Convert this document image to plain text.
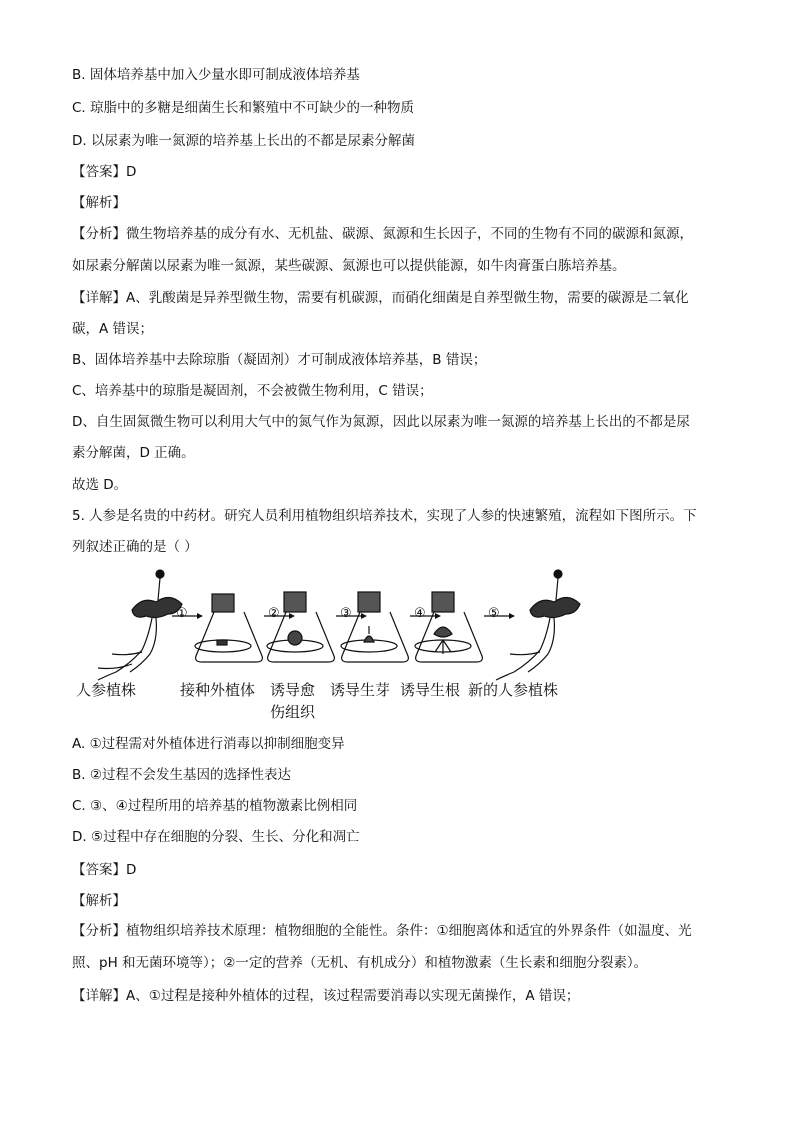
B. 固体培养基中加入少量水即可制成液体培养基
C. 琼脂中的多糖是细菌生长和繁殖中不可缺少的一种物质
D. 以尿素为唯一氮源的培养基上长出的不都是尿素分解菌
【答案】D
【解析】
【分析】微生物培养基的成分有水、无机盐、碳源、氮源和生长因子，不同的生物有不同的碳源和氮源，
如尿素分解菌以尿素为唯一氮源，某些碳源、氮源也可以提供能源，如牛肉膏蛋白胨培养基。
【详解】A、乳酸菌是异养型微生物，需要有机碳源，而硝化细菌是自养型微生物，需要的碳源是二氧化
碳，A 错误；
B、固体培养基中去除琼脂（凝固剂）才可制成液体培养基，B 错误；
C、培养基中的琼脂是凝固剂，不会被微生物利用，C 错误；
D、自生固氮微生物可以利用大气中的氮气作为氮源，因此以尿素为唯一氮源的培养基上长出的不都是尿
素分解菌，D 正确。
故选 D。
5. 人参是名贵的中药材。研究人员利用植物组织培养技术，实现了人参的快速繁殖，流程如下图所示。下
列叙述正确的是（ ）
①	②	③	④	⑤
人参植株	接种外植体 诱导愈
伤组织
诱导生芽 诱导生根 新的人参植株
A. ①过程需对外植体进行消毒以抑制细胞变异
B. ②过程不会发生基因的选择性表达
C. ③、④过程所用的培养基的植物激素比例相同
D. ⑤过程中存在细胞的分裂、生长、分化和凋亡
【答案】D
【解析】
【分析】植物组织培养技术原理：植物细胞的全能性。条件：①细胞离体和适宜的外界条件（如温度、光
照、pH 和无菌环境等）；②一定的营养（无机、有机成分）和植物激素（生长素和细胞分裂素）。
【详解】A、①过程是接种外植体的过程，该过程需要消毒以实现无菌操作，A 错误；
